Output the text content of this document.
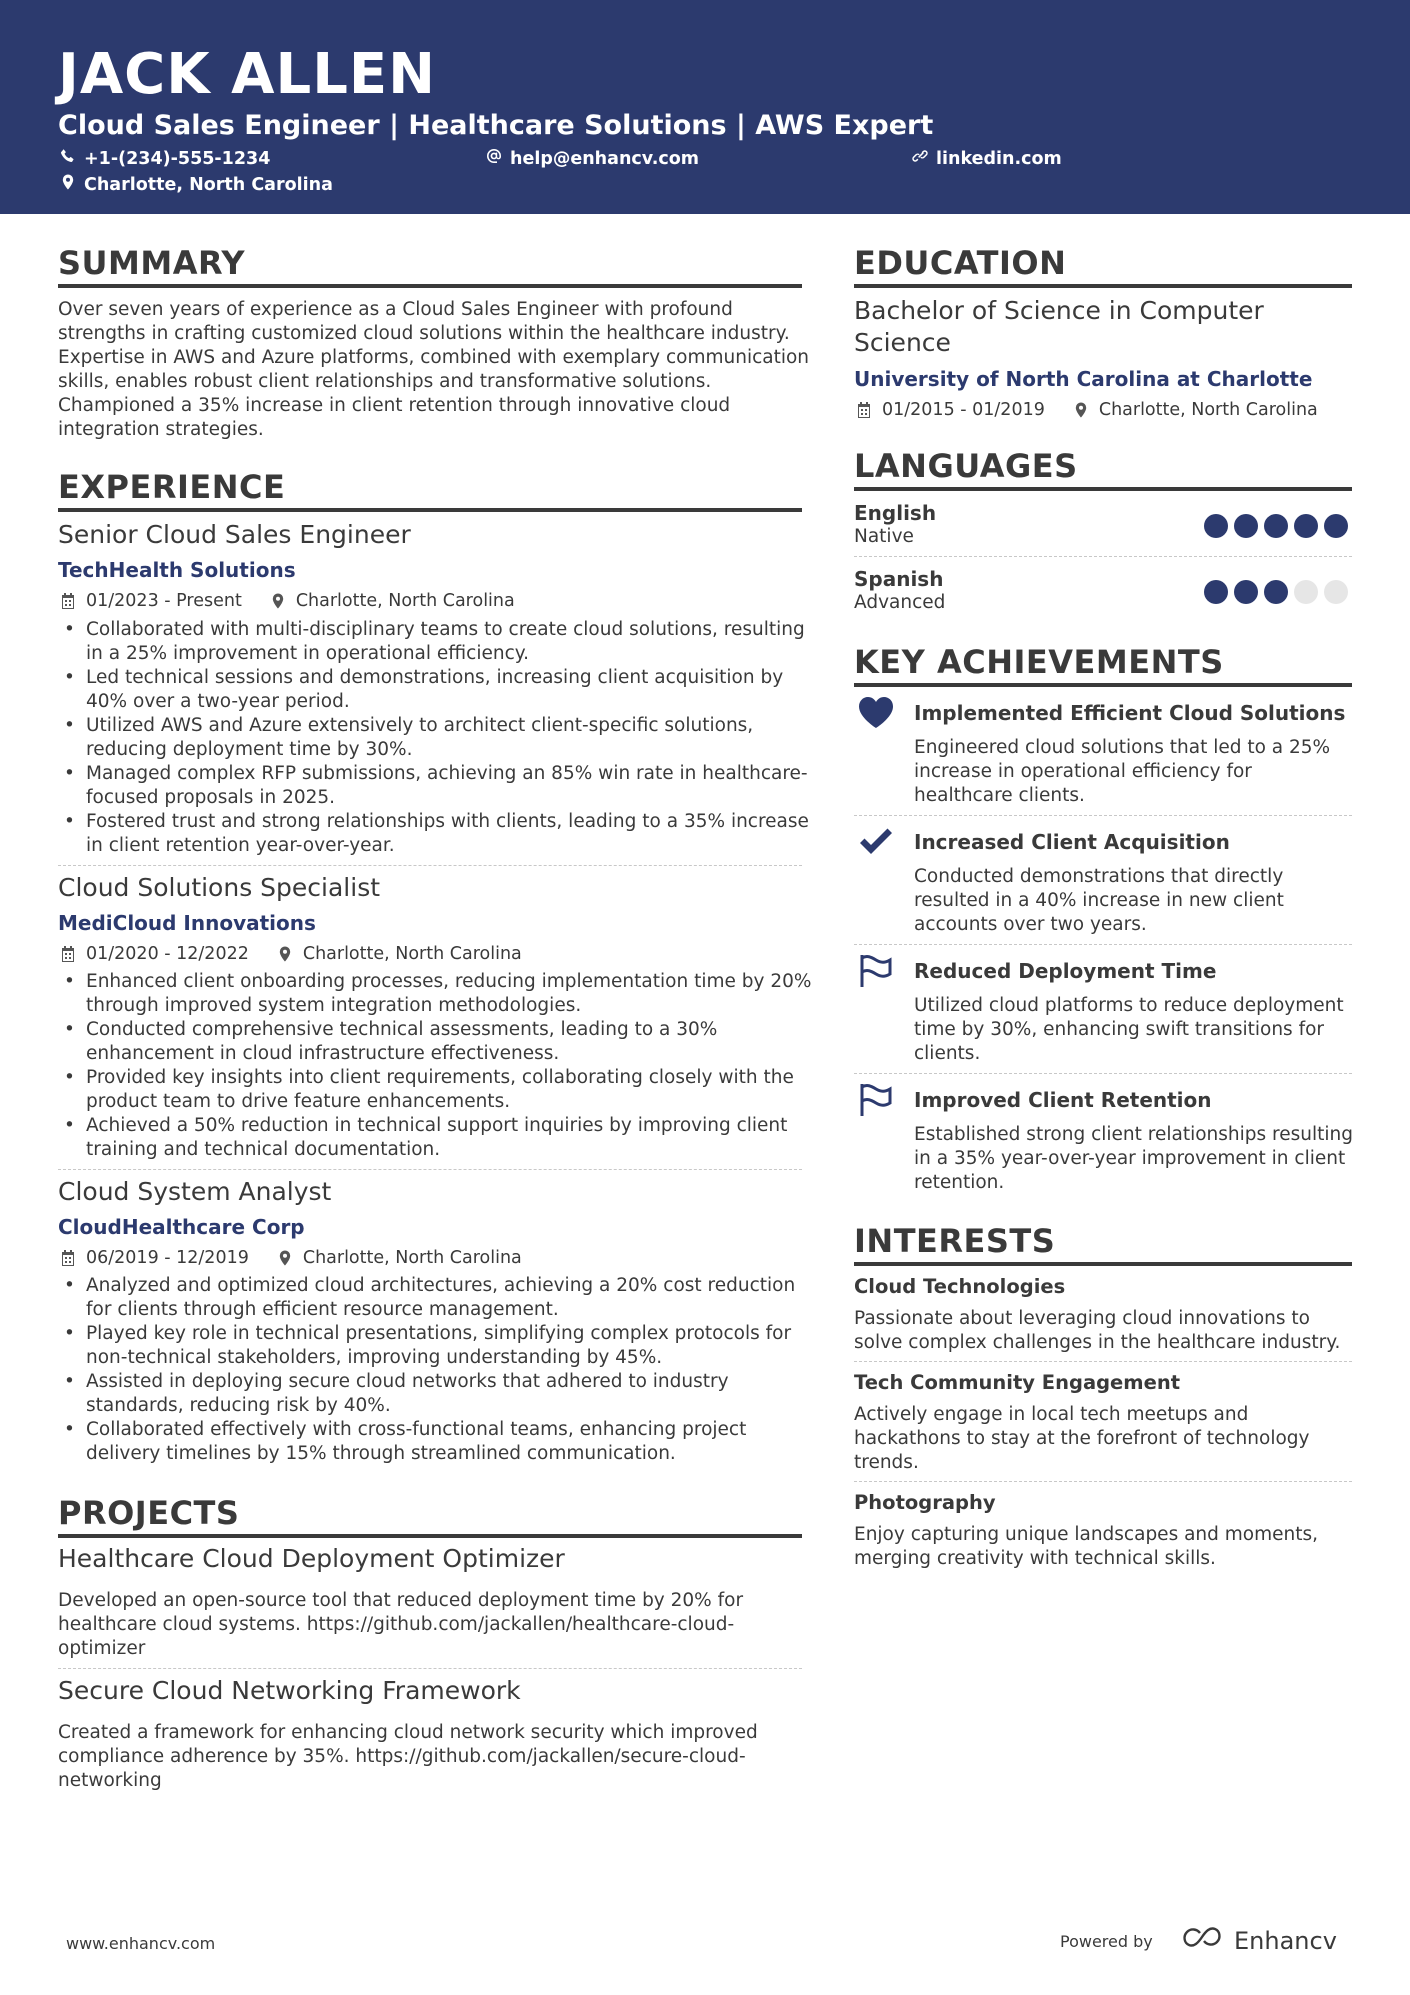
JACK ALLEN
Cloud Sales Engineer | Healthcare Solutions | AWS Expert
+1-(234)-555-1234	help@enhancv.com	linkedin.com
Charlotte, North Carolina
SUMMARY
Over seven years of experience as a Cloud Sales Engineer with profound
strengths in crafting customized cloud solutions within the healthcare industry.
Expertise in AWS and Azure platforms, combined with exemplary communication
skills, enables robust client relationships and transformative solutions.
Championed a 35% increase in client retention through innovative cloud
integration strategies.
EXPERIENCE
Senior Cloud Sales Engineer
TechHealth Solutions
01/2023 - Present	Charlotte, North Carolina
• Collaborated with multi-disciplinary teams to create cloud solutions, resulting
in a 25% improvement in operational efficiency.
• Led technical sessions and demonstrations, increasing client acquisition by
40% over a two-year period.
• Utilized AWS and Azure extensively to architect client-specific solutions,
reducing deployment time by 30%.
• Managed complex RFP submissions, achieving an 85% win rate in healthcare-
focused proposals in 2025.
• Fostered trust and strong relationships with clients, leading to a 35% increase
in client retention year-over-year.
Cloud Solutions Specialist
MediCloud Innovations
01/2020 - 12/2022	Charlotte, North Carolina
• Enhanced client onboarding processes, reducing implementation time by 20%
through improved system integration methodologies.
• Conducted comprehensive technical assessments, leading to a 30%
enhancement in cloud infrastructure effectiveness.
• Provided key insights into client requirements, collaborating closely with the
product team to drive feature enhancements.
• Achieved a 50% reduction in technical support inquiries by improving client
training and technical documentation.
Cloud System Analyst
CloudHealthcare Corp
06/2019 - 12/2019	Charlotte, North Carolina
• Analyzed and optimized cloud architectures, achieving a 20% cost reduction
for clients through efficient resource management.
• Played key role in technical presentations, simplifying complex protocols for
non-technical stakeholders, improving understanding by 45%.
• Assisted in deploying secure cloud networks that adhered to industry
standards, reducing risk by 40%.
• Collaborated effectively with cross-functional teams, enhancing project
delivery timelines by 15% through streamlined communication.
PROJECTS
Healthcare Cloud Deployment Optimizer
Developed an open-source tool that reduced deployment time by 20% for
healthcare cloud systems. https://github.com/jackallen/healthcare-cloud-
optimizer
Secure Cloud Networking Framework
Created a framework for enhancing cloud network security which improved
compliance adherence by 35%. https://github.com/jackallen/secure-cloud-
networking
EDUCATION
Bachelor of Science in Computer
Science
University of North Carolina at Charlotte
01/2015 - 01/2019	Charlotte, North Carolina
LANGUAGES
English
Native
Spanish
Advanced
KEY ACHIEVEMENTS
Implemented Efficient Cloud Solutions
Engineered cloud solutions that led to a 25%
increase in operational efficiency for
healthcare clients.
Increased Client Acquisition
Conducted demonstrations that directly
resulted in a 40% increase in new client
accounts over two years.
Reduced Deployment Time
Utilized cloud platforms to reduce deployment
time by 30%, enhancing swift transitions for
clients.
Improved Client Retention
Established strong client relationships resulting
in a 35% year-over-year improvement in client
retention.
INTERESTS
Cloud Technologies
Passionate about leveraging cloud innovations to
solve complex challenges in the healthcare industry.
Tech Community Engagement
Actively engage in local tech meetups and
hackathons to stay at the forefront of technology
trends.
Photography
Enjoy capturing unique landscapes and moments,
merging creativity with technical skills.
www.enhancv.com	Powered by	Enhancv
